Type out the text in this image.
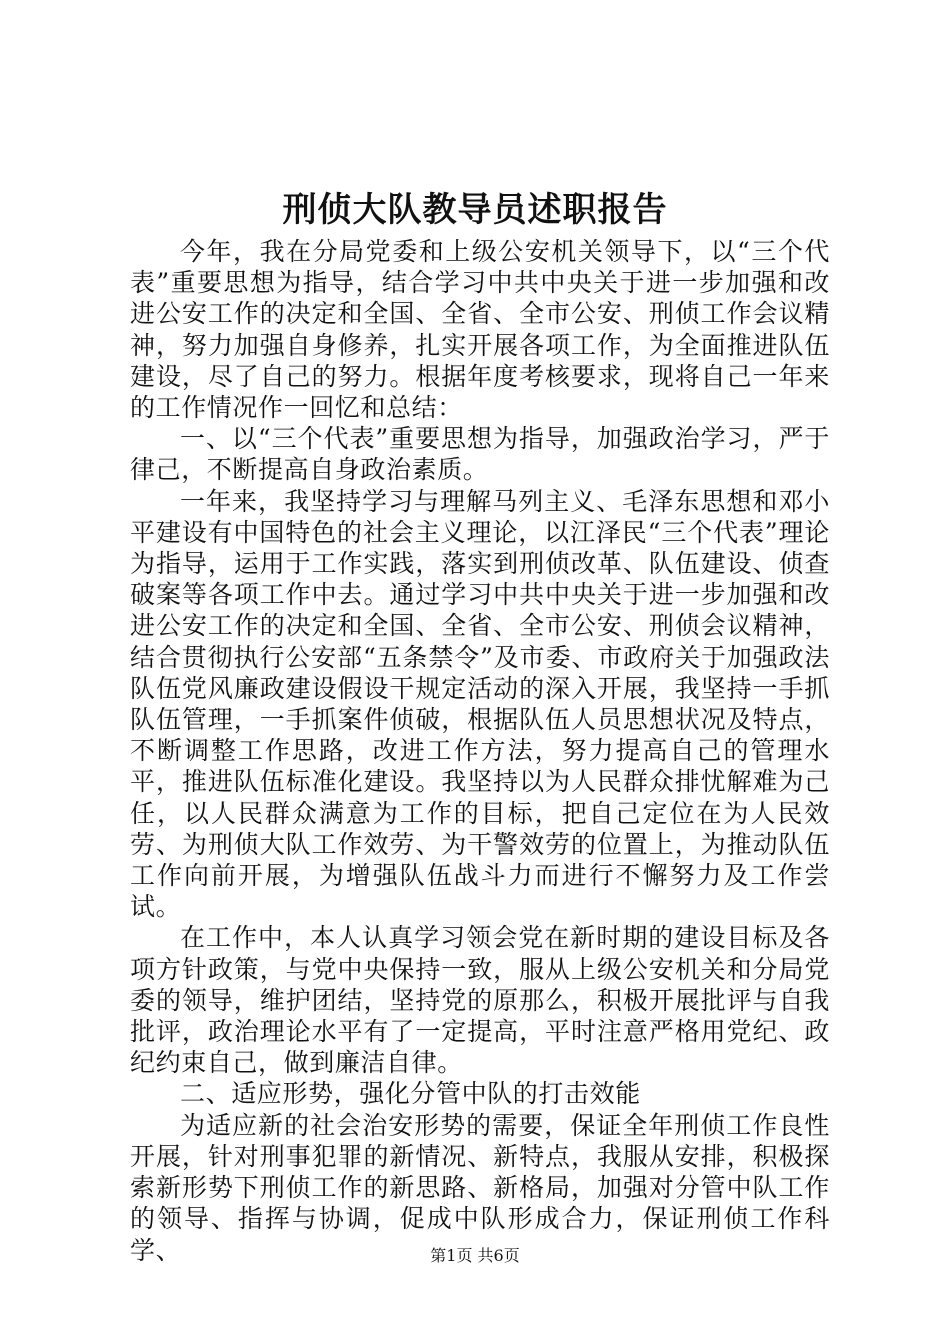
刑侦大队教导员述职报告

今年，我在分局党委和上级公安机关领导下，以“三个代表”重要思想为指导，结合学习中共中央关于进一步加强和改进公安工作的决定和全国、全省、全市公安、刑侦工作会议精神，努力加强自身修养，扎实开展各项工作，为全面推进队伍建设，尽了自己的努力。根据年度考核要求，现将自己一年来的工作情况作一回忆和总结：

一、以“三个代表”重要思想为指导，加强政治学习，严于律己，不断提高自身政治素质。

一年来，我坚持学习与理解马列主义、毛泽东思想和邓小平建设有中国特色的社会主义理论，以江泽民“三个代表”理论为指导，运用于工作实践，落实到刑侦改革、队伍建设、侦查破案等各项工作中去。通过学习中共中央关于进一步加强和改进公安工作的决定和全国、全省、全市公安、刑侦会议精神，结合贯彻执行公安部“五条禁令”及市委、市政府关于加强政法队伍党风廉政建设假设干规定活动的深入开展，我坚持一手抓队伍管理，一手抓案件侦破，根据队伍人员思想状况及特点，不断调整工作思路，改进工作方法，努力提高自己的管理水平，推进队伍标准化建设。我坚持以为人民群众排忧解难为己任，以人民群众满意为工作的目标，把自己定位在为人民效劳、为刑侦大队工作效劳、为干警效劳的位置上，为推动队伍工作向前开展，为增强队伍战斗力而进行不懈努力及工作尝试。

在工作中，本人认真学习领会党在新时期的建设目标及各项方针政策，与党中央保持一致，服从上级公安机关和分局党委的领导，维护团结，坚持党的原那么，积极开展批评与自我批评，政治理论水平有了一定提高，平时注意严格用党纪、政纪约束自己，做到廉洁自律。

二、适应形势，强化分管中队的打击效能

为适应新的社会治安形势的需要，保证全年刑侦工作良性开展，针对刑事犯罪的新情况、新特点，我服从安排，积极探索新形势下刑侦工作的新思路、新格局，加强对分管中队工作的领导、指挥与协调，促成中队形成合力，保证刑侦工作科学、	第1页 共6页
